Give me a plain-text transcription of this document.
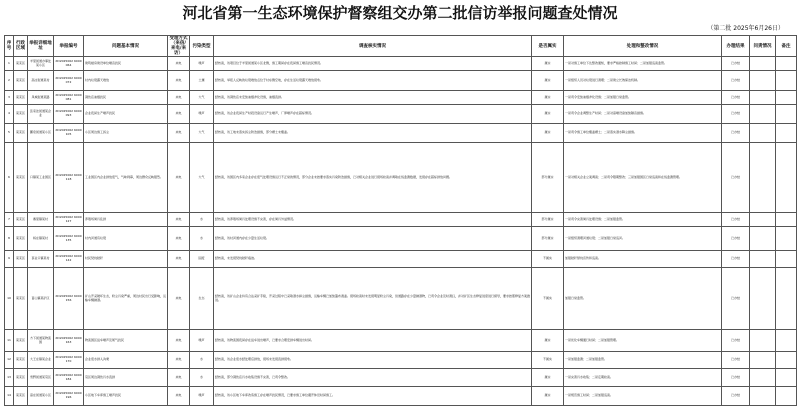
河北省第一生态环境保护督察组交办第二批信访举报问题查处情况
（第二批 2025年6月26日）
序号	行政区域	举报详细地址	举报编号	问题基本情况	受理方式（来信/来电/来访）	污染类型	调查核实情况	是否属实	处理和整改情况	办理结果	问责情况	备注
1	莱芜区	羊里街道办事处某小区	XD2025062 6000064	建筑楼房建设单位噪音扰民	来电	噪声	经核查，该项目位于羊里街道某小区北侧，施工期间存在夜间施工噪音扰民情况。	属实	一是对施工单位下达整改通知，要求严格控制施工时间；二是加强巡查监管。	已办结		
2	莱芜区	高庄街道某村	XD2025062 6000072	村内垃圾露天堆放	来电	土壤	经核查，举报人反映的垃圾堆放点位于村东侧空地，存在生活垃圾露天堆放现象。	属实	一是组织人员对垃圾进行清理；二是建立长效保洁机制。	已办结		
3	莱芜区	凤城街道某路	XD2025062 6000081	餐饮店油烟扰民	来电	大气	经核查，该餐饮店未安装油烟净化设施，油烟直排。	属实	一是责令安装油烟净化设施；二是加强日常监管。	已办结		
4	莱芜区	张家洼街道某企业	XD2025062 6000093	企业夜间生产噪声扰民	来电	噪声	经核查，该企业夜间生产时段设备运行产生噪声，厂界噪声存在超标情况。	属实	一是责令企业调整生产时间；二是对高噪设备加装隔音措施。	已办结		
5	莱芜区	鹏泉街道某小区	XD2025062 6000105	小区周边施工扬尘	来电	大气	经核查，该工地未落实扬尘防治措施，部分裸土未覆盖。	属实	一是责令施工单位覆盖裸土；二是落实洒水降尘措施。	已办结		
6	莱芜区	口镇某工业园区	XD2025062 6000118	工业园区内企业排放废气，气味刺鼻，周边群众反映强烈。	来电	大气	经核查，该园区内多家企业存在废气处理设施运行不正常的情况，部分企业未按要求落实污染防治措施，已对相关企业进行现场检查并调取在线监测数据，发现存在超标排放问题。	部分属实	一是对相关企业立案调查；二是责令限期整改；三是加强园区日常巡查和在线监测管理。	已办结		
7	莱芜区	寨里镇某村	XD2025062 6000127	养殖场粪污乱排	来电	水	经核查，该养殖场粪污处理设施不完善，存在粪污外溢情况。	部分属实	一是责令完善粪污处理设施；二是加强监管。	已办结		
8	莱芜区	杨庄镇某村	XD2025062 6000135	村内河道有垃圾	来电	水	经核查，该村河道内存在少量生活垃圾。	部分属实	一是组织清理河道垃圾；二是加强日常巡河。	已办结		
9	莱芜区	茶业口镇某村	XD2025062 6000142	村民焚烧秸秆	来电	固废	经核查，未发现焚烧秸秆痕迹。	不属实	加强秸秆禁烧宣传和巡查。	已办结		
10	莱芜区	苗山镇某矿区	XD2025062 6000156	矿山开采破坏生态，粉尘污染严重，周边村民出行受影响，运输车辆抛洒。	来电	生态	经核查，该矿山企业持有合法采矿手续，开采过程中已采取洒水抑尘措施，运输车辆已加装篷布遮盖。现场检查时未发现明显粉尘污染，但道路存在少量抛洒物，已责令企业及时清扫，并对矿区生态修复进度进行督导，要求按照修复方案推进。	不属实	加强日常监管。	已办结		
11	莱芜区	方下街道某物流园	XD2025062 6000163	物流园区货车噪声及尾气扰民	来电	噪声	经核查，该物流园夜间存在货车进出噪声，已要求合理安排车辆进出时间。	属实	一是优化车辆通行时间；二是加强管理。	已办结		
12	莱芜区	大王庄镇某企业	XD2025062 6000170	企业废水排入沟渠	来电	水	经核查，该企业废水经处理后排放，现场未发现直排现象。	不属实	一是加强监测；二是加强监管。	已办结		
13	莱芜区	雪野街道某景区	XD2025062 6000184	景区周边餐饮污水直排	来电	水	经核查，部分餐饮店污水收集设施不完善，已责令整改。	属实	一是完善污水收集；二是定期检查。	已办结		
14	莱芜区	高庄街道某小区	XD2025062 6000196	小区地下车库施工噪声扰民	来电	噪声	经核查，该小区地下车库改造施工存在噪声扰民情况，已要求施工单位避开休息时间施工。	属实	一是规范施工时间；二是加强巡查。	已办结		
